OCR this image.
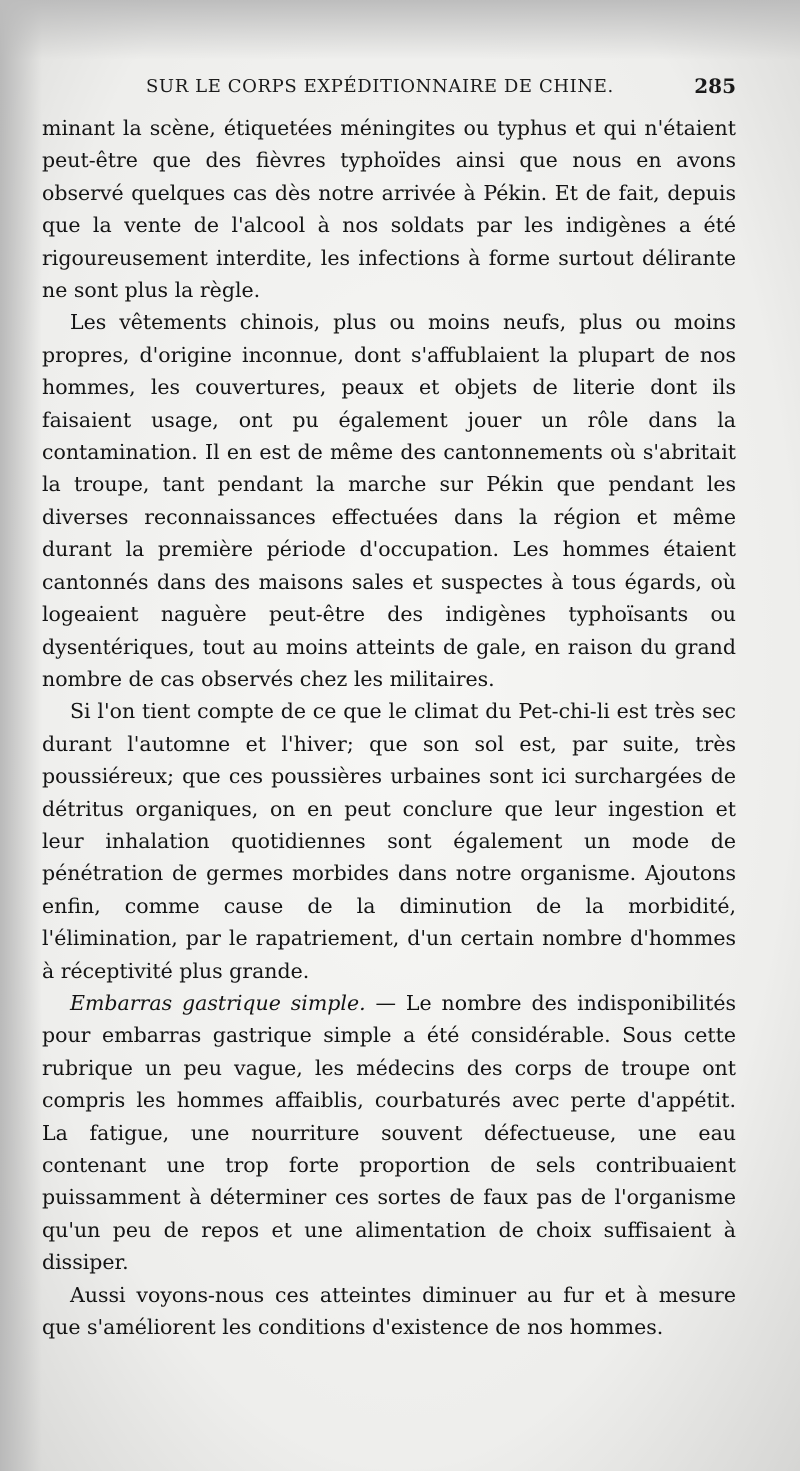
SUR LE CORPS EXPÉDITIONNAIRE DE CHINE.	285

minant la scène, étiquetées méningites ou typhus et qui n'étaient peut-être que des fièvres typhoïdes ainsi que nous en avons observé quelques cas dès notre arrivée à Pékin. Et de fait, depuis que la vente de l'alcool à nos soldats par les indigènes a été rigoureusement interdite, les infections à forme surtout délirante ne sont plus la règle.

Les vêtements chinois, plus ou moins neufs, plus ou moins propres, d'origine inconnue, dont s'affublaient la plupart de nos hommes, les couvertures, peaux et objets de literie dont ils faisaient usage, ont pu également jouer un rôle dans la contamination. Il en est de même des cantonnements où s'abritait la troupe, tant pendant la marche sur Pékin que pendant les diverses reconnaissances effectuées dans la région et même durant la première période d'occupation. Les hommes étaient cantonnés dans des maisons sales et suspectes à tous égards, où logeaient naguère peut-être des indigènes typhoïsants ou dysentériques, tout au moins atteints de gale, en raison du grand nombre de cas observés chez les militaires.

Si l'on tient compte de ce que le climat du Pet-chi-li est très sec durant l'automne et l'hiver; que son sol est, par suite, très poussiéreux; que ces poussières urbaines sont ici surchargées de détritus organiques, on en peut conclure que leur ingestion et leur inhalation quotidiennes sont également un mode de pénétration de germes morbides dans notre organisme. Ajoutons enfin, comme cause de la diminution de la morbidité, l'élimination, par le rapatriement, d'un certain nombre d'hommes à réceptivité plus grande.

Embarras gastrique simple. — Le nombre des indisponibilités pour embarras gastrique simple a été considérable. Sous cette rubrique un peu vague, les médecins des corps de troupe ont compris les hommes affaiblis, courbaturés avec perte d'appétit. La fatigue, une nourriture souvent défectueuse, une eau contenant une trop forte proportion de sels contribuaient puissamment à déterminer ces sortes de faux pas de l'organisme qu'un peu de repos et une alimentation de choix suffisaient à dissiper.

Aussi voyons-nous ces atteintes diminuer au fur et à mesure que s'améliorent les conditions d'existence de nos hommes.
